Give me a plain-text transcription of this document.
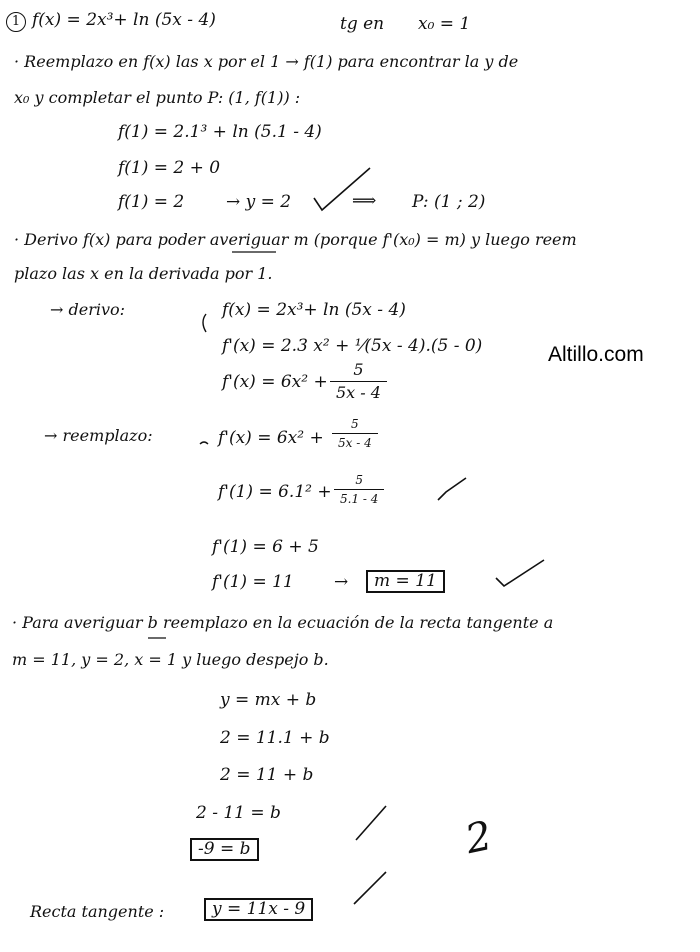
1 f(x) = 2x³+ ln (5x - 4)	tg en x₀ = 1
· Reemplazo en f(x) las x por el 1 → f(1) para encontrar la y de
x₀ y completar el punto P: (1, f(1)) :
f(1) = 2.1³ + ln (5.1 - 4)
f(1) = 2 + 0
f(1) = 2 → y = 2	⟹ P: (1 ; 2)
· Derivo f(x) para poder averiguar m (porque f'(x₀) = m) y luego reem
plazo las x en la derivada por 1.
→ derivo:	f(x) = 2x³+ ln (5x - 4)
f'(x) = 2.3 x² + ¹⁄(5x - 4).(5 - 0)
$f'(x) = 6x^2 + \frac{5}{5x - 4}$
Altillo.com
→ reemplazo:	$f'(x) = 6x^2 + \frac{5}{5x - 4}$
$f'(1) = 6.1^2 + \frac{5}{5.1 - 4}$
f'(1) = 6 + 5
f'(1) = 11 →	m = 11
· Para averiguar b reemplazo en la ecuación de la recta tangente a
m = 11, y = 2, x = 1 y luego despejo b.
y = mx + b
2 = 11.1 + b
2 = 11 + b
2 - 11 = b
-9 = b	2
Recta tangente :	y = 11x - 9
